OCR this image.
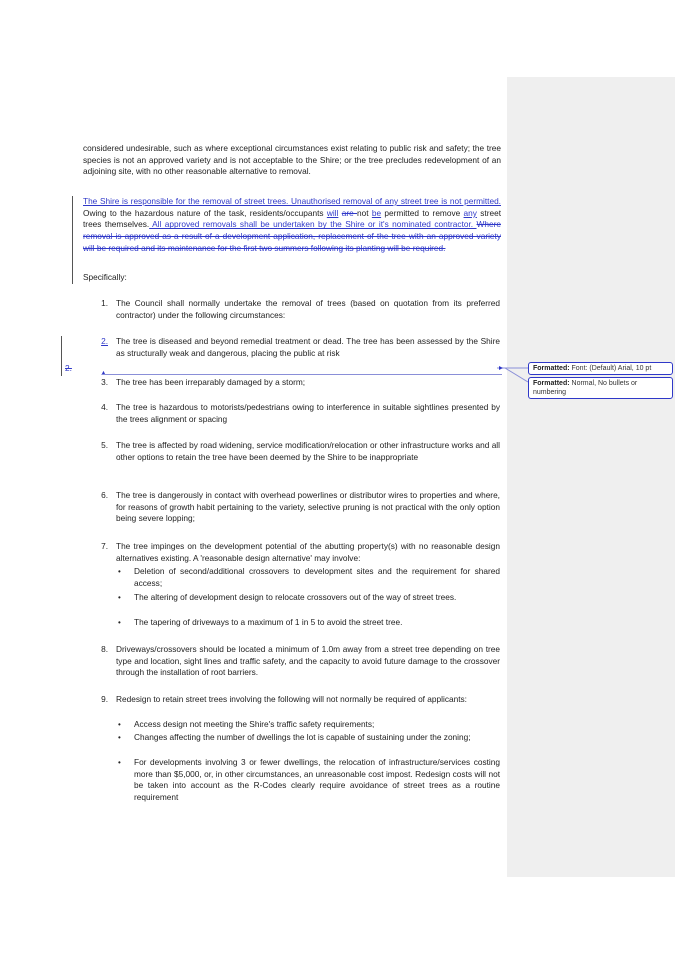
considered undesirable, such as where exceptional circumstances exist relating to public risk and safety; the tree species is not an approved variety and is not acceptable to the Shire; or the tree precludes redevelopment of an adjoining site, with no other reasonable alternative to removal.
The Shire is responsible for the removal of street trees. Unauthorised removal of any street tree is not permitted. Owing to the hazardous nature of the task, residents/occupants will are not be permitted to remove any street trees themselves. All approved removals shall be undertaken by the Shire or it's nominated contractor. Where removal is approved as a result of a development application, replacement of the tree with an approved variety will be required and its maintenance for the first two summers following its planting will be required.
Specifically:
1. The Council shall normally undertake the removal of trees (based on quotation from its preferred contractor) under the following circumstances:
2. The tree is diseased and beyond remedial treatment or dead. The tree has been assessed by the Shire as structurally weak and dangerous, placing the public at risk
2.
▲
3. The tree has been irreparably damaged by a storm;
4. The tree is hazardous to motorists/pedestrians owing to interference in suitable sightlines presented by the trees alignment or spacing
5. The tree is affected by road widening, service modification/relocation or other infrastructure works and all other options to retain the tree have been deemed by the Shire to be inappropriate
6. The tree is dangerously in contact with overhead powerlines or distributor wires to properties and where, for reasons of growth habit pertaining to the variety, selective pruning is not practical with the only option being severe lopping;
7. The tree impinges on the development potential of the abutting property(s) with no reasonable design alternatives existing. A 'reasonable design alternative' may involve:
• Deletion of second/additional crossovers to development sites and the requirement for shared access;
• The altering of development design to relocate crossovers out of the way of street trees.
• The tapering of driveways to a maximum of 1 in 5 to avoid the street tree.
8. Driveways/crossovers should be located a minimum of 1.0m away from a street tree depending on tree type and location, sight lines and traffic safety, and the capacity to avoid future damage to the crossover through the installation of root barriers.
9. Redesign to retain street trees involving the following will not normally be required of applicants:
• Access design not meeting the Shire's traffic safety requirements;
• Changes affecting the number of dwellings the lot is capable of sustaining under the zoning;
• For developments involving 3 or fewer dwellings, the relocation of infrastructure/services costing more than $5,000, or, in other circumstances, an unreasonable cost impost. Redesign costs will not be taken into account as the R-Codes clearly require avoidance of street trees as a routine requirement
Formatted: Font: (Default) Arial, 10 pt
Formatted: Normal, No bullets or numbering
